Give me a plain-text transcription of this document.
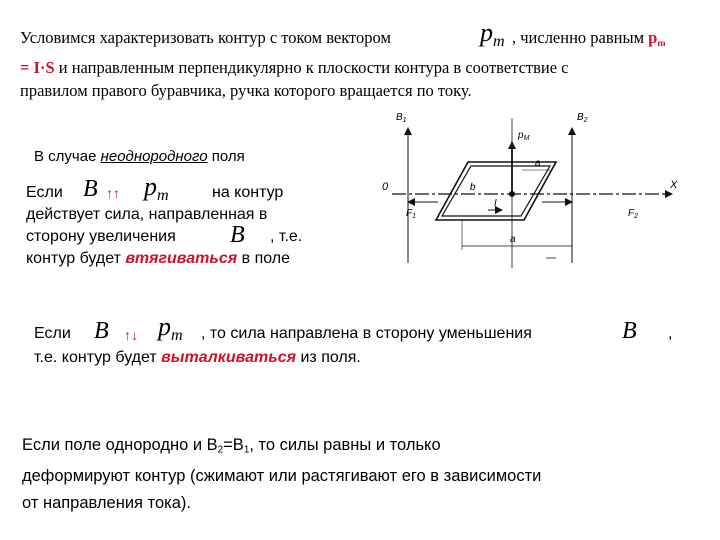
Условимся характеризовать контур с током вектором	$p_m$ , численно равным pm
= I·S и направленным перпендикулярно к плоскости контура в соответствие с
правилом правого буравчика, ручка которого вращается по току.
В случае неоднородного поля
Если B ↑↑ $p_m$	на контур
действует сила, направленная в
сторону увеличения B , т.е.
контур будет втягиваться в поле
Если B ↑↓ $p_m$ , то сила направлена в сторону уменьшения	B ,
т.е. контур будет выталкиваться из поля.
Если поле однородно и $B_2=B_1$, то силы равны и только
деформируют контур (сжимают или растягивают его в зависимости
от направления тока).
$B_1$	$B_2$
$p_M$
a
b
I
0	X
$F_1$	$F_2$
a
